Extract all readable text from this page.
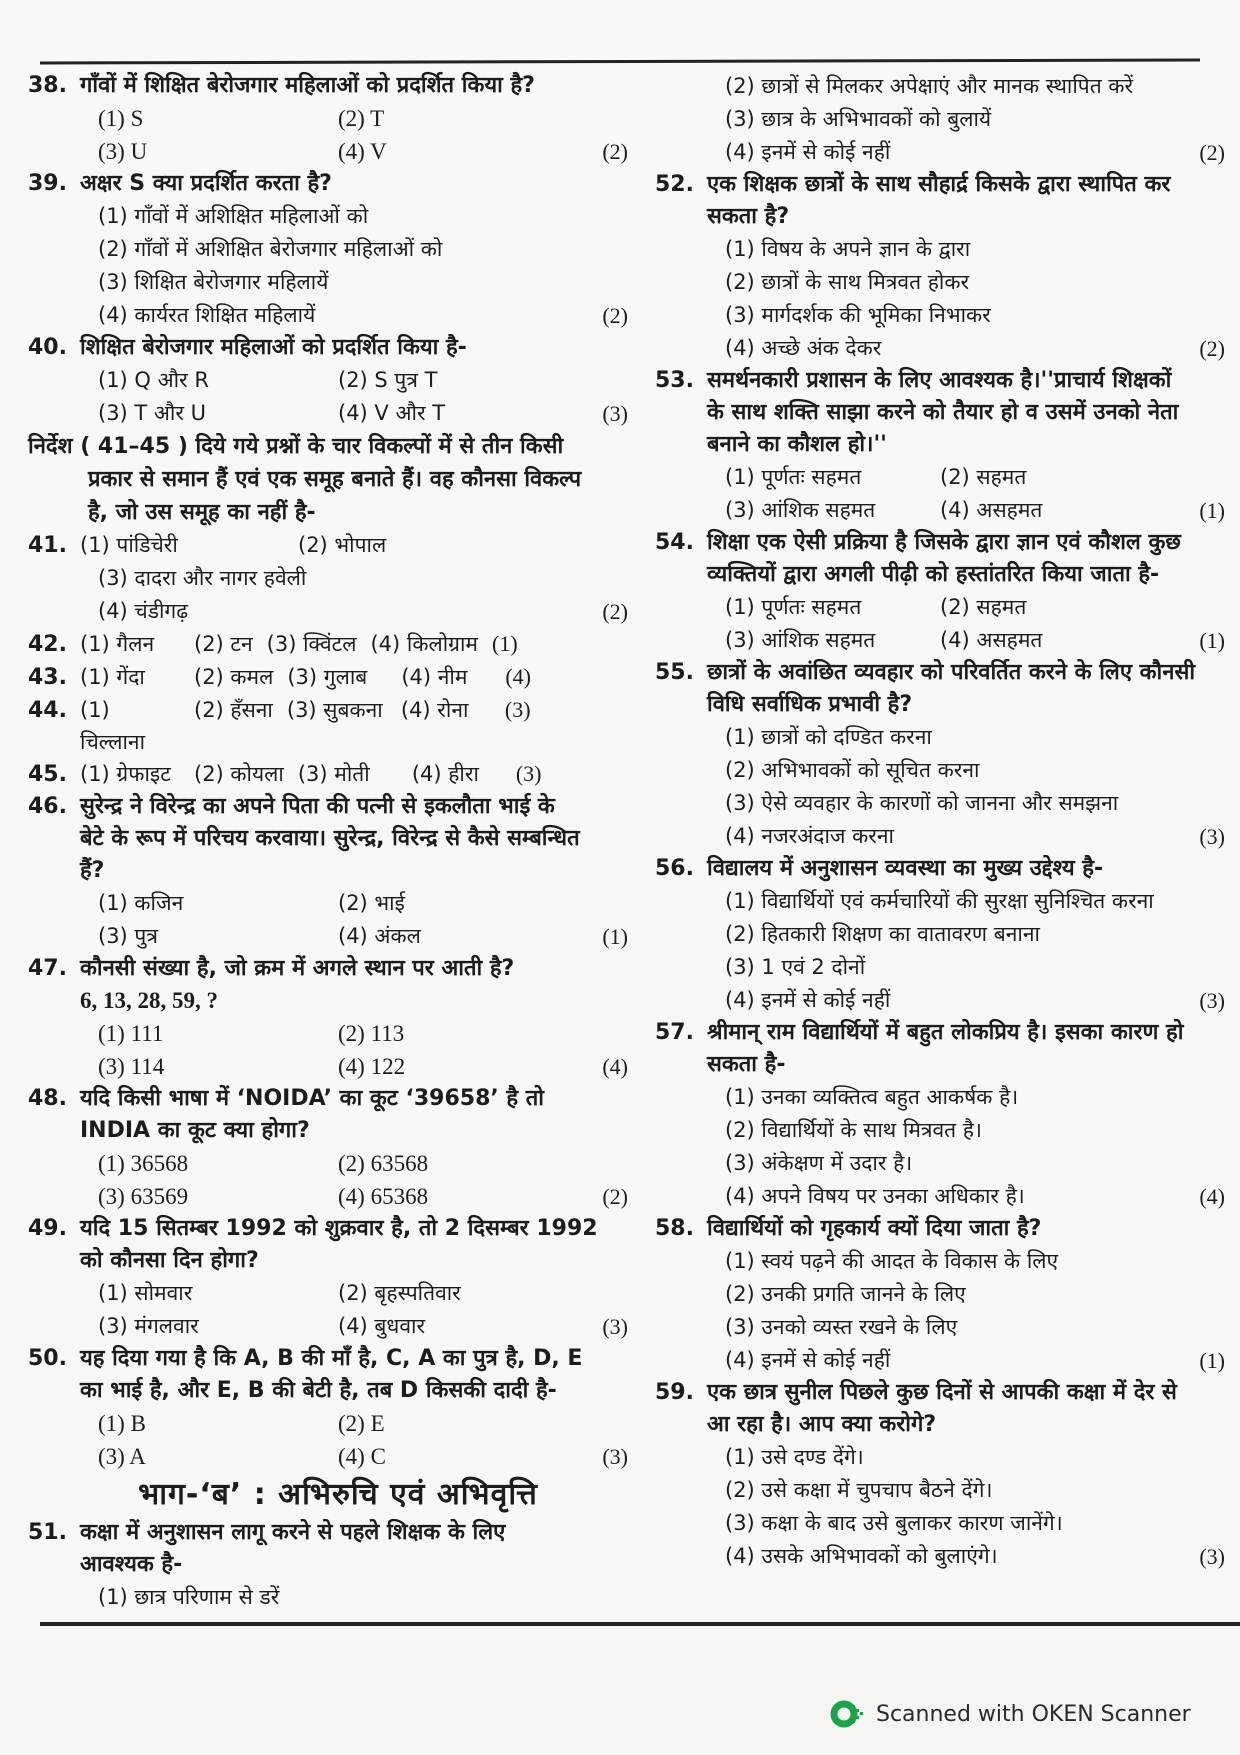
38. गाँवों में शिक्षित बेरोजगार महिलाओं को प्रदर्शित किया है?
(1) S	(2) T
(3) U	(4) V	(2)
39. अक्षर S क्या प्रदर्शित करता है?
(1) गाँवों में अशिक्षित महिलाओं को
(2) गाँवों में अशिक्षित बेरोजगार महिलाओं को
(3) शिक्षित बेरोजगार महिलायें
(4) कार्यरत शिक्षित महिलायें	(2)
40. शिक्षित बेरोजगार महिलाओं को प्रदर्शित किया है-
(1) Q और R	(2) S पुत्र T
(3) T और U	(4) V और T	(3)
निर्देश ( 41–45 ) दिये गये प्रश्नों के चार विकल्पों में से तीन किसी
प्रकार से समान हैं एवं एक समूह बनाते हैं। वह कौनसा विकल्प
है, जो उस समूह का नहीं है-
41. (1) पांडिचेरी	(2) भोपाल
(3) दादरा और नागर हवेली
(4) चंडीगढ़	(2)
42. (1) गैलन	(2) टन (3) क्विंटल (4) किलोग्राम (1)
43. (1) गेंदा	(2) कमल (3) गुलाब	(4) नीम	(4)
44. (1) चिल्लाना
(2) हँसना (3) सुबकना (4) रोना	(3)
45. (1) ग्रेफाइट	(2) कोयला (3) मोती	(4) हीरा	(3)
46. सुरेन्द्र ने विरेन्द्र का अपने पिता की पत्नी से इकलौता भाई के
बेटे के रूप में परिचय करवाया। सुरेन्द्र, विरेन्द्र से कैसे सम्बन्धित
हैं?
(1) कजिन	(2) भाई
(3) पुत्र	(4) अंकल	(1)
47. कौनसी संख्या है, जो क्रम में अगले स्थान पर आती है?
6, 13, 28, 59, ?
(1) 111	(2) 113
(3) 114	(4) 122	(4)
48. यदि किसी भाषा में ‘NOIDA’ का कूट ‘39658’ है तो
INDIA का कूट क्या होगा?
(1) 36568	(2) 63568
(3) 63569	(4) 65368	(2)
49. यदि 15 सितम्बर 1992 को शुक्रवार है, तो 2 दिसम्बर 1992
को कौनसा दिन होगा?
(1) सोमवार	(2) बृहस्पतिवार
(3) मंगलवार	(4) बुधवार	(3)
50. यह दिया गया है कि A, B की माँ है, C, A का पुत्र है, D, E
का भाई है, और E, B की बेटी है, तब D किसकी दादी है-
(1) B	(2) E
(3) A	(4) C	(3)
भाग-‘ब’ : अभिरुचि एवं अभिवृत्ति
51. कक्षा में अनुशासन लागू करने से पहले शिक्षक के लिए
आवश्यक है-
(1) छात्र परिणाम से डरें
(2) छात्रों से मिलकर अपेक्षाएं और मानक स्थापित करें
(3) छात्र के अभिभावकों को बुलायें
(4) इनमें से कोई नहीं	(2)
52. एक शिक्षक छात्रों के साथ सौहार्द्र किसके द्वारा स्थापित कर
सकता है?
(1) विषय के अपने ज्ञान के द्वारा
(2) छात्रों के साथ मित्रवत होकर
(3) मार्गदर्शक की भूमिका निभाकर
(4) अच्छे अंक देकर	(2)
53. समर्थनकारी प्रशासन के लिए आवश्यक है।''प्राचार्य शिक्षकों
के साथ शक्ति साझा करने को तैयार हो व उसमें उनको नेता
बनाने का कौशल हो।''
(1) पूर्णतः सहमत	(2) सहमत
(3) आंशिक सहमत	(4) असहमत	(1)
54. शिक्षा एक ऐसी प्रक्रिया है जिसके द्वारा ज्ञान एवं कौशल कुछ
व्यक्तियों द्वारा अगली पीढ़ी को हस्तांतरित किया जाता है-
(1) पूर्णतः सहमत	(2) सहमत
(3) आंशिक सहमत	(4) असहमत	(1)
55. छात्रों के अवांछित व्यवहार को परिवर्तित करने के लिए कौनसी
विधि सर्वाधिक प्रभावी है?
(1) छात्रों को दण्डित करना
(2) अभिभावकों को सूचित करना
(3) ऐसे व्यवहार के कारणों को जानना और समझना
(4) नजरअंदाज करना	(3)
56. विद्यालय में अनुशासन व्यवस्था का मुख्य उद्देश्य है-
(1) विद्यार्थियों एवं कर्मचारियों की सुरक्षा सुनिश्चित करना
(2) हितकारी शिक्षण का वातावरण बनाना
(3) 1 एवं 2 दोनों
(4) इनमें से कोई नहीं	(3)
57. श्रीमान् राम विद्यार्थियों में बहुत लोकप्रिय है। इसका कारण हो
सकता है-
(1) उनका व्यक्तित्व बहुत आकर्षक है।
(2) विद्यार्थियों के साथ मित्रवत है।
(3) अंकेक्षण में उदार है।
(4) अपने विषय पर उनका अधिकार है।	(4)
58. विद्यार्थियों को गृहकार्य क्यों दिया जाता है?
(1) स्वयं पढ़ने की आदत के विकास के लिए
(2) उनकी प्रगति जानने के लिए
(3) उनको व्यस्त रखने के लिए
(4) इनमें से कोई नहीं	(1)
59. एक छात्र सुनील पिछले कुछ दिनों से आपकी कक्षा में देर से
आ रहा है। आप क्या करोगे?
(1) उसे दण्ड देंगे।
(2) उसे कक्षा में चुपचाप बैठने देंगे।
(3) कक्षा के बाद उसे बुलाकर कारण जानेंगे।
(4) उसके अभिभावकों को बुलाएंगे।	(3)
Scanned with OKEN Scanner
